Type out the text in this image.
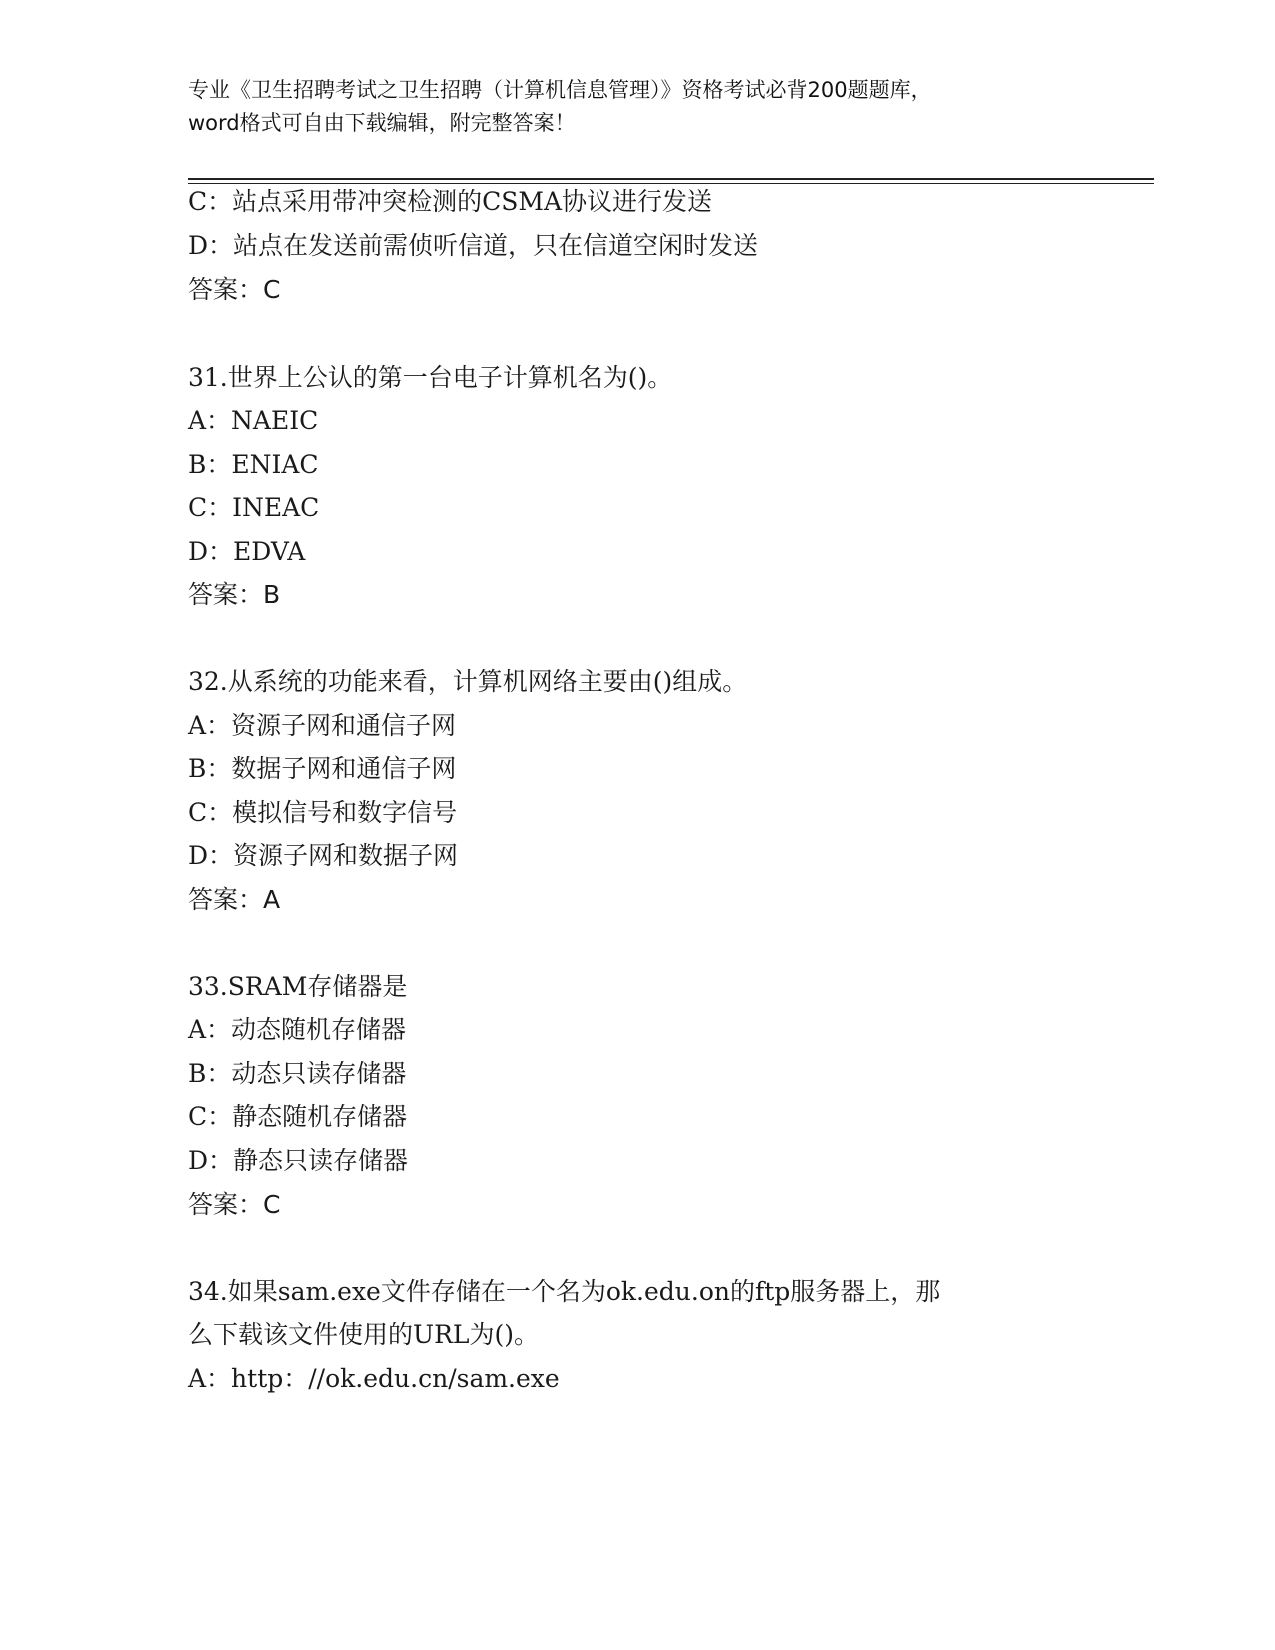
专业《卫生招聘考试之卫生招聘（计算机信息管理）》资格考试必背200题题库，
word格式可自由下载编辑，附完整答案！
C：站点采用带冲突检测的CSMA协议进行发送
D：站点在发送前需侦听信道，只在信道空闲时发送
答案：C
31.世界上公认的第一台电子计算机名为()。
A：NAEIC
B：ENIAC
C：INEAC
D：EDVA
答案：B
32.从系统的功能来看，计算机网络主要由()组成。
A：资源子网和通信子网
B：数据子网和通信子网
C：模拟信号和数字信号
D：资源子网和数据子网
答案：A
33.SRAM存储器是
A：动态随机存储器
B：动态只读存储器
C：静态随机存储器
D：静态只读存储器
答案：C
34.如果sam.exe文件存储在一个名为ok.edu.on的ftp服务器上，那
么下载该文件使用的URL为()。
A：http：//ok.edu.cn/sam.exe
